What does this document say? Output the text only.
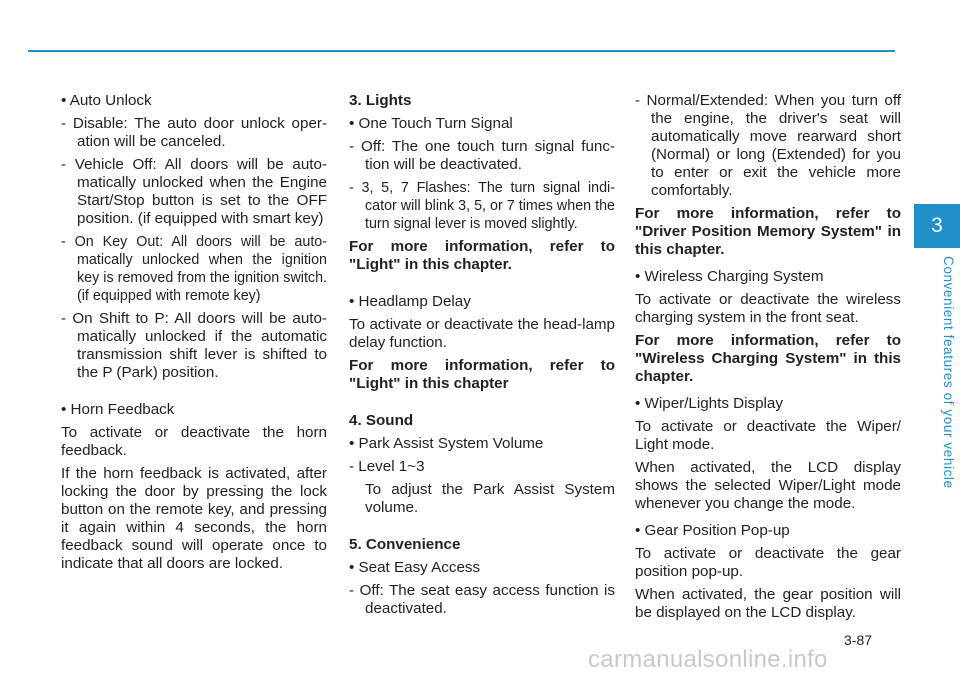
• Auto Unlock

- Disable: The auto door unlock oper-ation will be canceled.

- Vehicle Off: All doors will be auto-matically unlocked when the Engine Start/Stop button is set to the OFF position. (if equipped with smart key)

- On Key Out: All doors will be auto-matically unlocked when the ignition key is removed from the ignition switch. (if equipped with remote key)

- On Shift to P: All doors will be auto-matically unlocked if the automatic transmission shift lever is shifted to the P (Park) position.

• Horn Feedback

To activate or deactivate the horn feedback.

If the horn feedback is activated, after locking the door by pressing the lock button on the remote key, and pressing it again within 4 seconds, the horn feedback sound will operate once to indicate that all doors are locked.

3. Lights

• One Touch Turn Signal

- Off: The one touch turn signal func-tion will be deactivated.

- 3, 5, 7 Flashes: The turn signal indi-cator will blink 3, 5, or 7 times when the turn signal lever is moved slightly.

For more information, refer to "Light" in this chapter.

• Headlamp Delay

To activate or deactivate the head-lamp delay function.

For more information, refer to "Light" in this chapter

4. Sound

• Park Assist System Volume

- Level 1~3

To adjust the Park Assist System volume.

5. Convenience

• Seat Easy Access

- Off: The seat easy access function is deactivated.

- Normal/Extended: When you turn off the engine, the driver's seat will automatically move rearward short (Normal) or long (Extended) for you to enter or exit the vehicle more comfortably.

For more information, refer to "Driver Position Memory System" in this chapter.

• Wireless Charging System

To activate or deactivate the wireless charging system in the front seat.

For more information, refer to "Wireless Charging System" in this chapter.

• Wiper/Lights Display

To activate or deactivate the Wiper/ Light mode.

When activated, the LCD display shows the selected Wiper/Light mode whenever you change the mode.

• Gear Position Pop-up

To activate or deactivate the gear position pop-up.

When activated, the gear position will be displayed on the LCD display.

3
Convenient features of your vehicle
3-87
carmanualsonline.info
